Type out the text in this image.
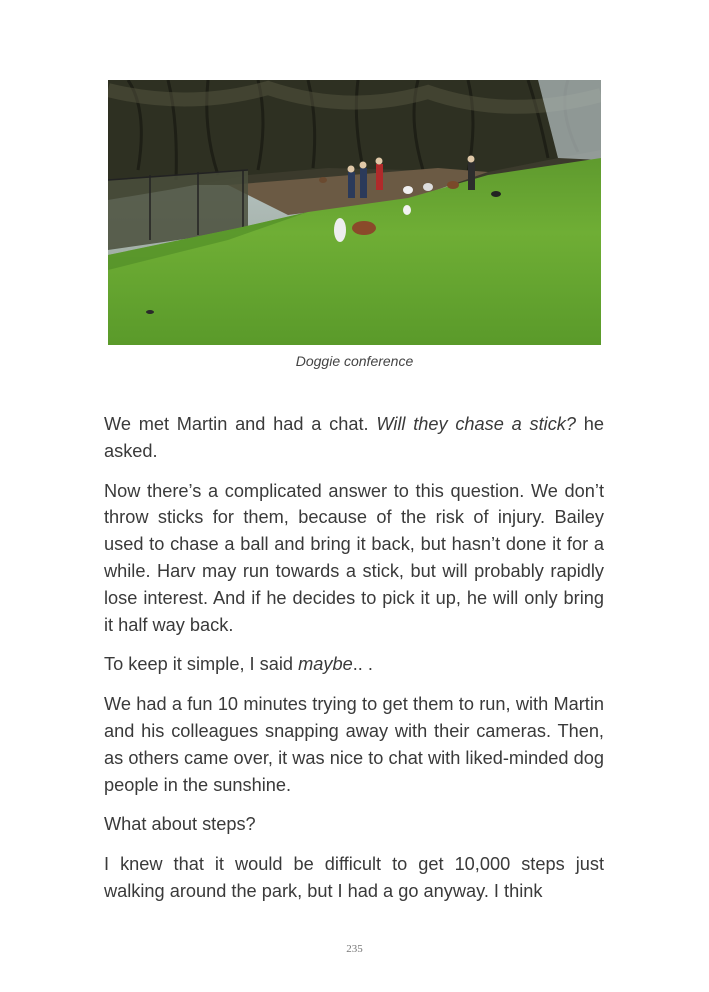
Doggie conference

We met Martin and had a chat. Will they chase a stick? he asked.

Now there’s a complicated answer to this question. We don’t throw sticks for them, because of the risk of injury. Bailey used to chase a ball and bring it back, but hasn’t done it for a while. Harv may run towards a stick, but will probably rapidly lose interest. And if he decides to pick it up, he will only bring it half way back.

To keep it simple, I said maybe.. .

We had a fun 10 minutes trying to get them to run, with Martin and his colleagues snapping away with their cameras. Then, as others came over, it was nice to chat with liked-minded dog people in the sunshine.

What about steps?

I knew that it would be difficult to get 10,000 steps just walking around the park, but I had a go anyway. I think

235
